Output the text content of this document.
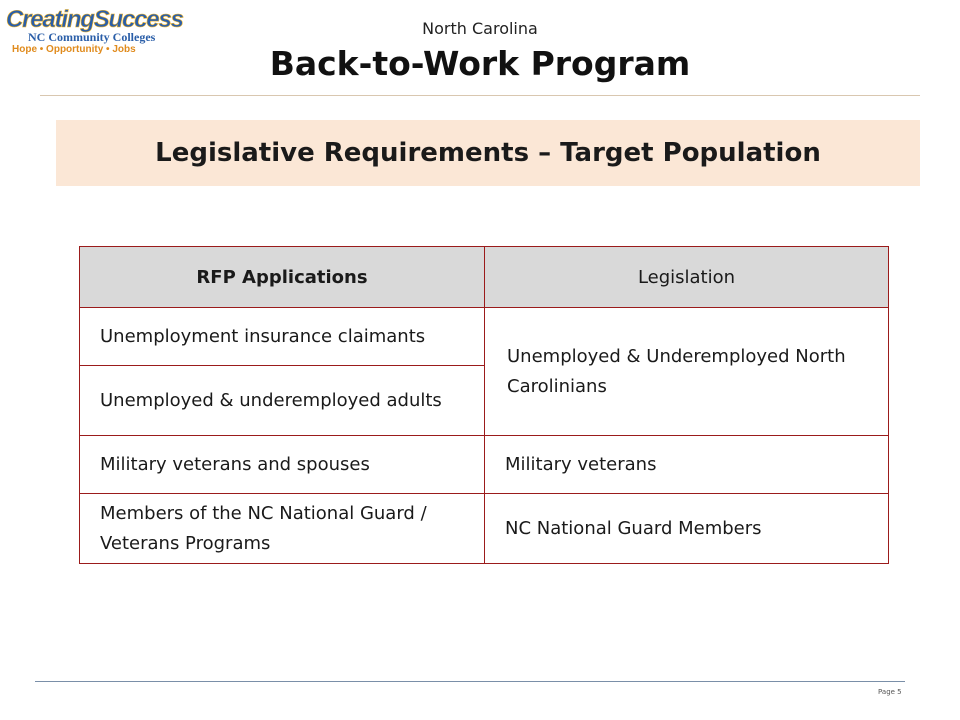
CreatingSuccess
NC Community Colleges
Hope • Opportunity • Jobs
North Carolina
Back-to-Work Program
Legislative Requirements – Target Population
RFP Applications	Legislation
Unemployment insurance claimants	Unemployed & Underemployed North Carolinians
Unemployed & underemployed adults	
Military veterans and spouses	Military veterans
Members of the NC National Guard / Veterans Programs	NC National Guard Members
Page 5
